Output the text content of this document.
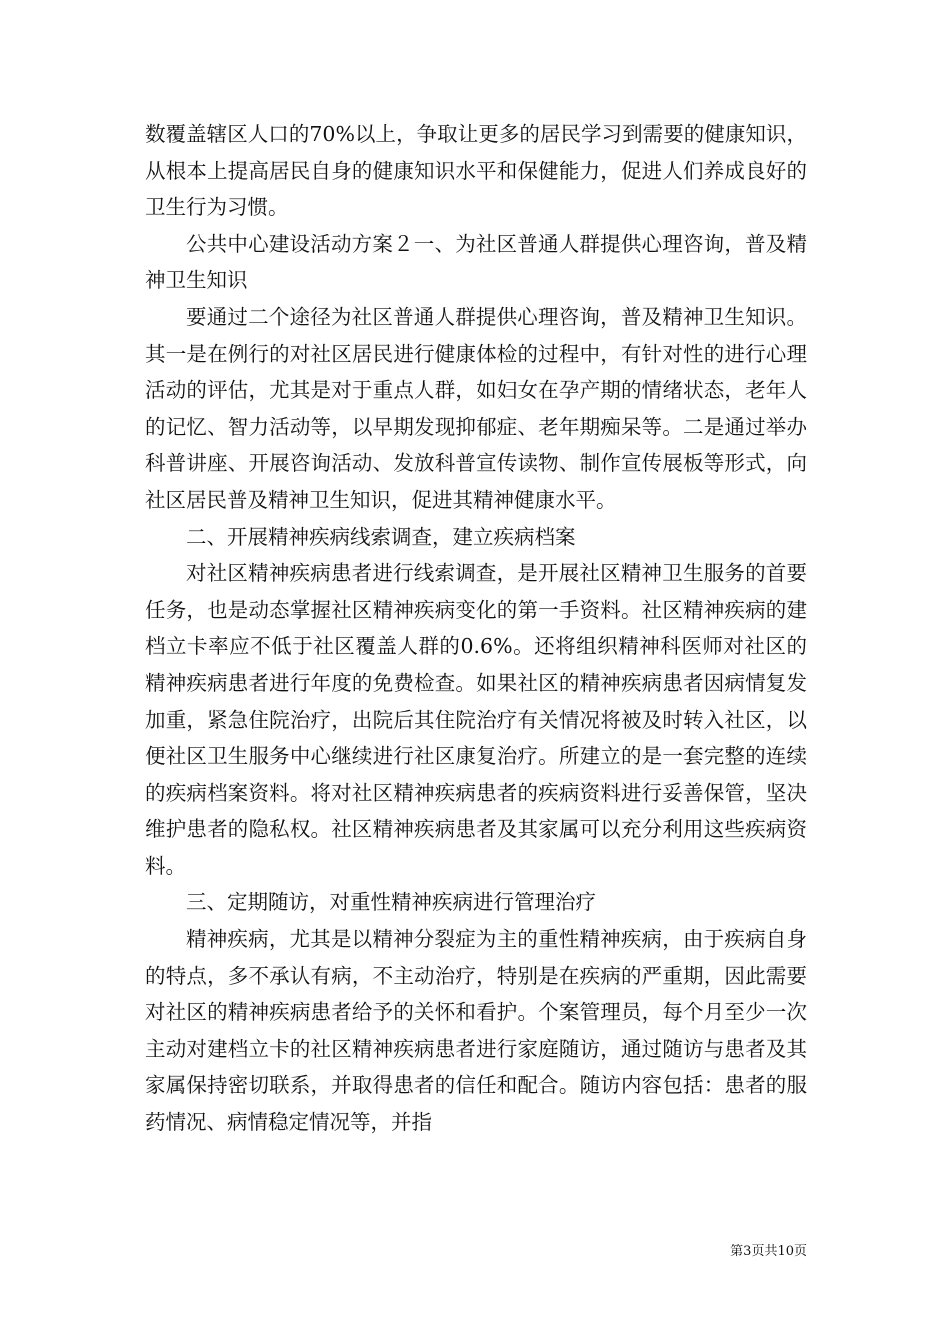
数覆盖辖区人口的70%以上，争取让更多的居民学习到需要的健康知识，从根本上提高居民自身的健康知识水平和保健能力，促进人们养成良好的卫生行为习惯。

公共中心建设活动方案２一、为社区普通人群提供心理咨询，普及精神卫生知识

要通过二个途径为社区普通人群提供心理咨询，普及精神卫生知识。其一是在例行的对社区居民进行健康体检的过程中，有针对性的进行心理活动的评估，尤其是对于重点人群，如妇女在孕产期的情绪状态，老年人的记忆、智力活动等，以早期发现抑郁症、老年期痴呆等。二是通过举办科普讲座、开展咨询活动、发放科普宣传读物、制作宣传展板等形式，向社区居民普及精神卫生知识，促进其精神健康水平。

二、开展精神疾病线索调查，建立疾病档案

对社区精神疾病患者进行线索调查，是开展社区精神卫生服务的首要任务，也是动态掌握社区精神疾病变化的第一手资料。社区精神疾病的建档立卡率应不低于社区覆盖人群的0.6%。还将组织精神科医师对社区的精神疾病患者进行年度的免费检查。如果社区的精神疾病患者因病情复发加重，紧急住院治疗，出院后其住院治疗有关情况将被及时转入社区，以便社区卫生服务中心继续进行社区康复治疗。所建立的是一套完整的连续的疾病档案资料。将对社区精神疾病患者的疾病资料进行妥善保管，坚决维护患者的隐私权。社区精神疾病患者及其家属可以充分利用这些疾病资料。

三、定期随访，对重性精神疾病进行管理治疗

精神疾病，尤其是以精神分裂症为主的重性精神疾病，由于疾病自身的特点，多不承认有病，不主动治疗，特别是在疾病的严重期，因此需要对社区的精神疾病患者给予的关怀和看护。个案管理员，每个月至少一次主动对建档立卡的社区精神疾病患者进行家庭随访，通过随访与患者及其家属保持密切联系，并取得患者的信任和配合。随访内容包括：患者的服药情况、病情稳定情况等，并指

第3页共10页
